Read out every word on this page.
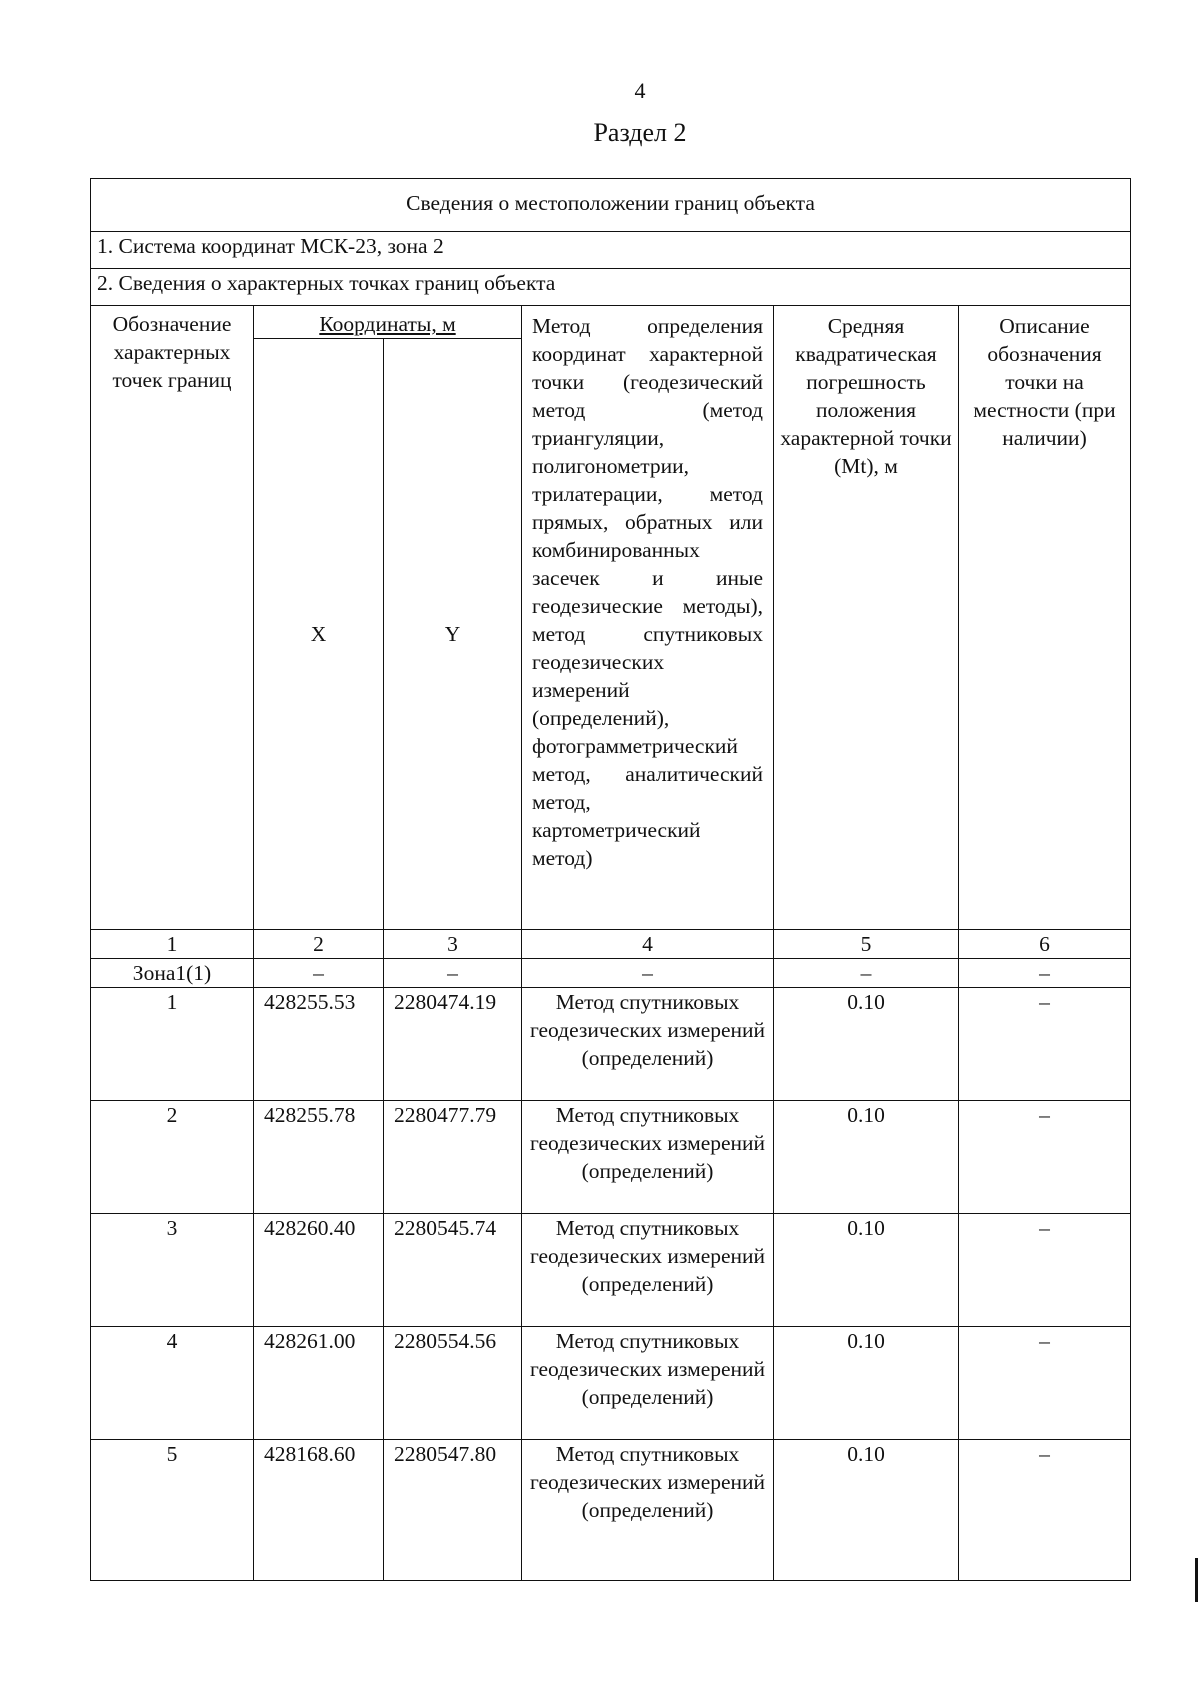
4
Раздел 2
Сведения о местоположении границ объекта					
1. Система координат МСК-23, зона 2					
2. Сведения о характерных точках границ объекта					
Обозначение характерных точек границ	Координаты, м		Метод определения координат характерной точки (геодезический метод (метод триангуляции, полигонометрии, трилатерации, метод прямых, обратных или комбинированных засечек и иные геодезические методы), метод спутниковых геодезических измерений (определений), фотограмметрический метод, аналитический метод, картометрический метод)	Средняя квадратическая погрешность положения характерной точки (Mt), м	Описание обозначения точки на местности (при наличии)
	X	Y			
1	2	3	4	5	6
Зона1(1)	–	–	–	–	–
1	428255.53	2280474.19	Метод спутниковых геодезических измерений (определений)	0.10	–
2	428255.78	2280477.79	Метод спутниковых геодезических измерений (определений)	0.10	–
3	428260.40	2280545.74	Метод спутниковых геодезических измерений (определений)	0.10	–
4	428261.00	2280554.56	Метод спутниковых геодезических измерений (определений)	0.10	–
5	428168.60	2280547.80	Метод спутниковых геодезических измерений (определений)	0.10	–
